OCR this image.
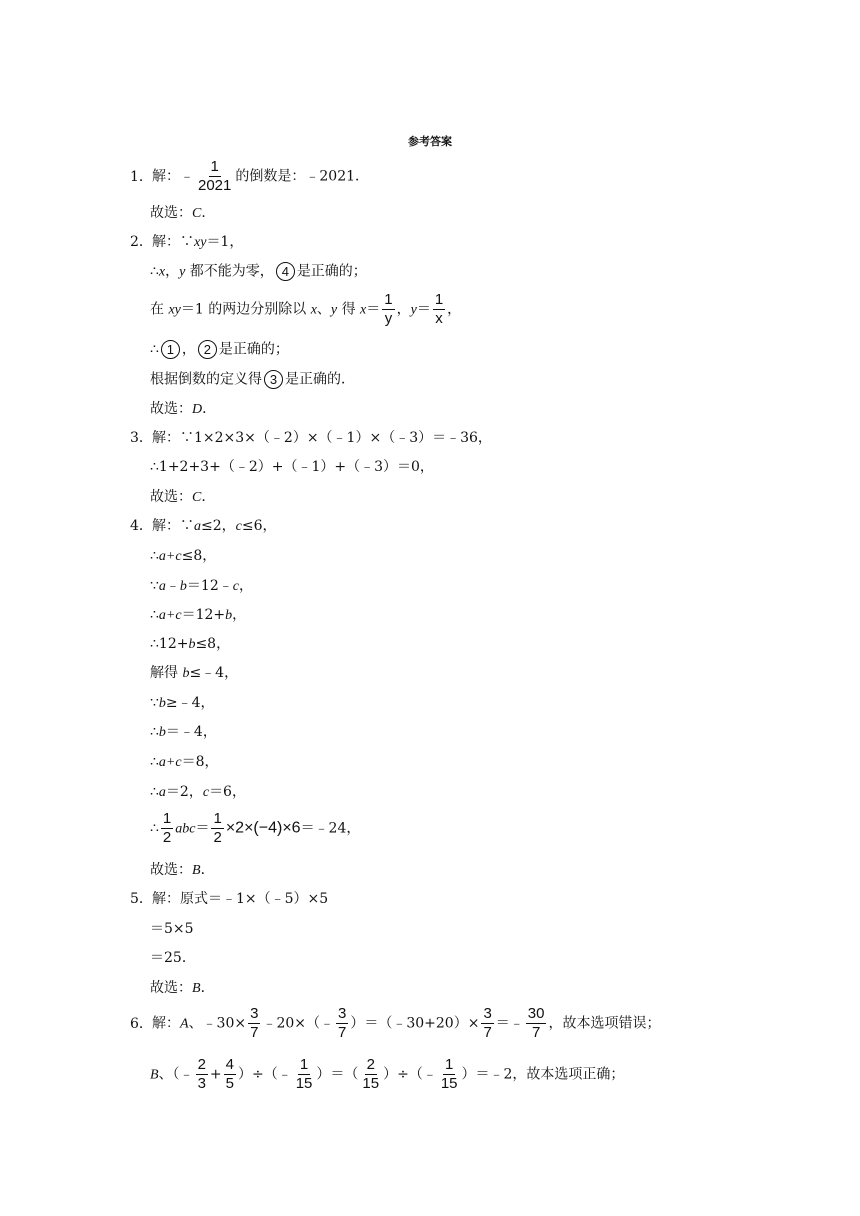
参考答案
1．解：﹣ $\frac{1}{2021}$ 的倒数是：﹣2021．
故选：C．
2．解：∵xy＝1，
∴x，y 都不能为零， 4 是正确的；
在 xy＝1 的两边分别除以 x、y 得 $x= \frac{1}{y}$ ，$y= \frac{1}{x}$ ，
∴ 1 ， 2 是正确的；
根据倒数的定义得 3 是正确的．
故选：D．
3．解：∵1×2×3×（﹣2）×（﹣1）×（﹣3）＝﹣36，
∴1+2+3+（﹣2）+（﹣1）+（﹣3）＝0，
故选：C．
4．解：∵a≤2，c≤6，
∴a+c≤8，
∵a﹣b＝12﹣c，
∴a+c＝12+b，
∴12+b≤8，
解得 b≤﹣4，
∵b≥﹣4，
∴b＝﹣4，
∴a+c＝8，
∴a＝2，c＝6，
∴ $\frac{1}{2} abc= \frac{1}{2}$ ×2×(−4)×6＝﹣24，
故选：B．
5．解：原式＝﹣1×（﹣5）×5
＝5×5
＝25．
故选：B．
6．解：A、﹣30× $\frac{3}{7}$ ﹣20×（﹣ $\frac{3}{7}$ ）＝（﹣30+20）× $\frac{3}{7}$ ＝﹣ $\frac{30}{7}$ ，故本选项错误；
B、（﹣ $\frac{2}{3} + \frac{4}{5}$ ）÷（﹣ $\frac{1}{15}$ ）＝（ $\frac{2}{15}$ ）÷（﹣ $\frac{1}{15}$ ）＝﹣2，故本选项正确；
